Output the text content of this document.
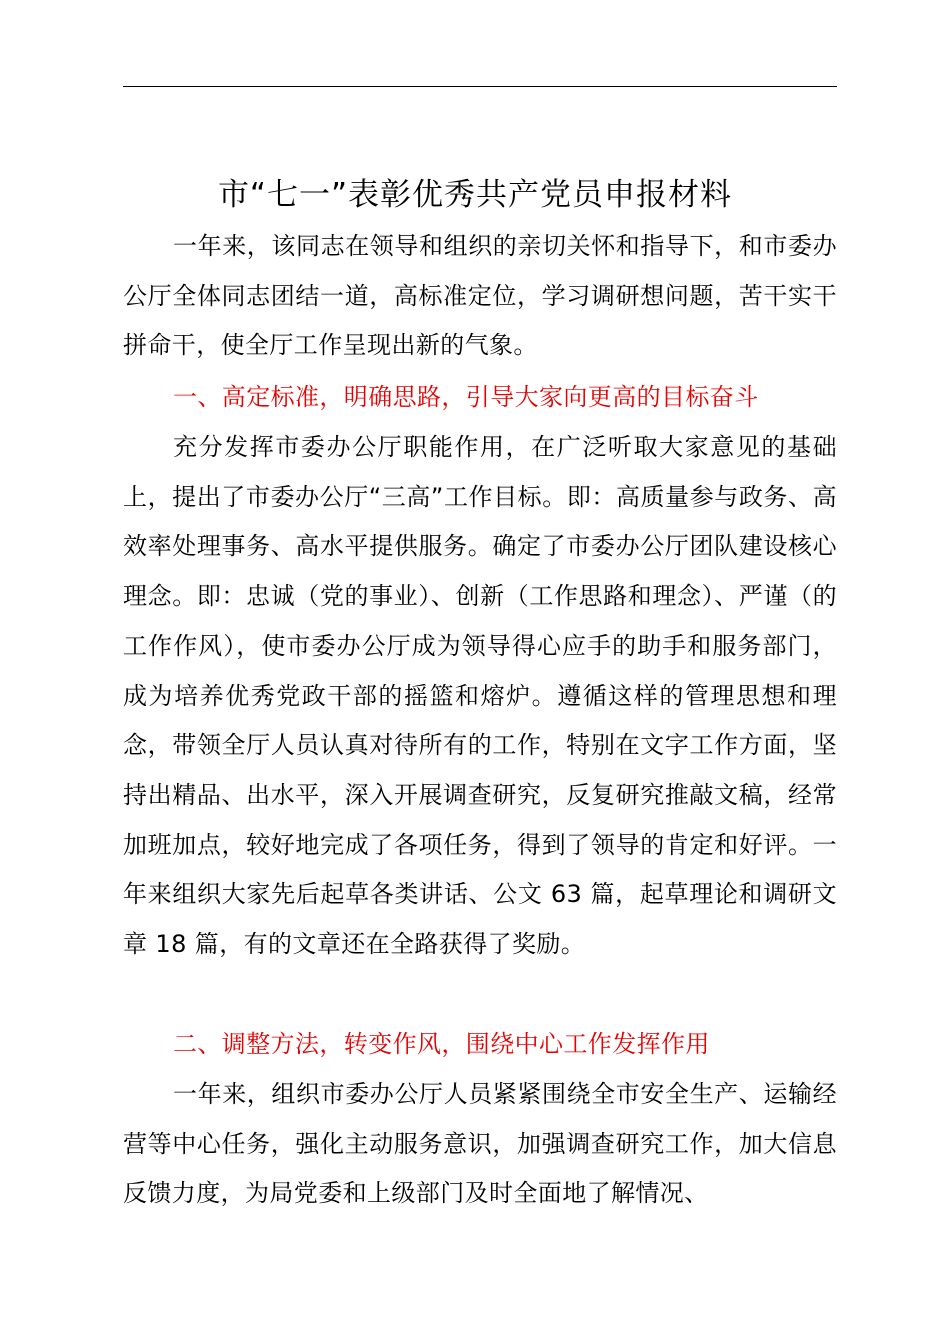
市“七一”表彰优秀共产党员申报材料

一年来，该同志在领导和组织的亲切关怀和指导下，和市委办公厅全体同志团结一道，高标准定位，学习调研想问题，苦干实干拼命干，使全厅工作呈现出新的气象。

一、高定标准，明确思路，引导大家向更高的目标奋斗

充分发挥市委办公厅职能作用，在广泛听取大家意见的基础上，提出了市委办公厅“三高”工作目标。即：高质量参与政务、高效率处理事务、高水平提供服务。确定了市委办公厅团队建设核心理念。即：忠诚（党的事业）、创新（工作思路和理念）、严谨（的工作作风），使市委办公厅成为领导得心应手的助手和服务部门，成为培养优秀党政干部的摇篮和熔炉。遵循这样的管理思想和理念，带领全厅人员认真对待所有的工作，特别在文字工作方面，坚持出精品、出水平，深入开展调查研究，反复研究推敲文稿，经常加班加点，较好地完成了各项任务，得到了领导的肯定和好评。一年来组织大家先后起草各类讲话、公文 63 篇，起草理论和调研文章 18 篇，有的文章还在全路获得了奖励。

二、调整方法，转变作风，围绕中心工作发挥作用

一年来，组织市委办公厅人员紧紧围绕全市安全生产、运输经营等中心任务，强化主动服务意识，加强调查研究工作，加大信息反馈力度，为局党委和上级部门及时全面地了解情况、
